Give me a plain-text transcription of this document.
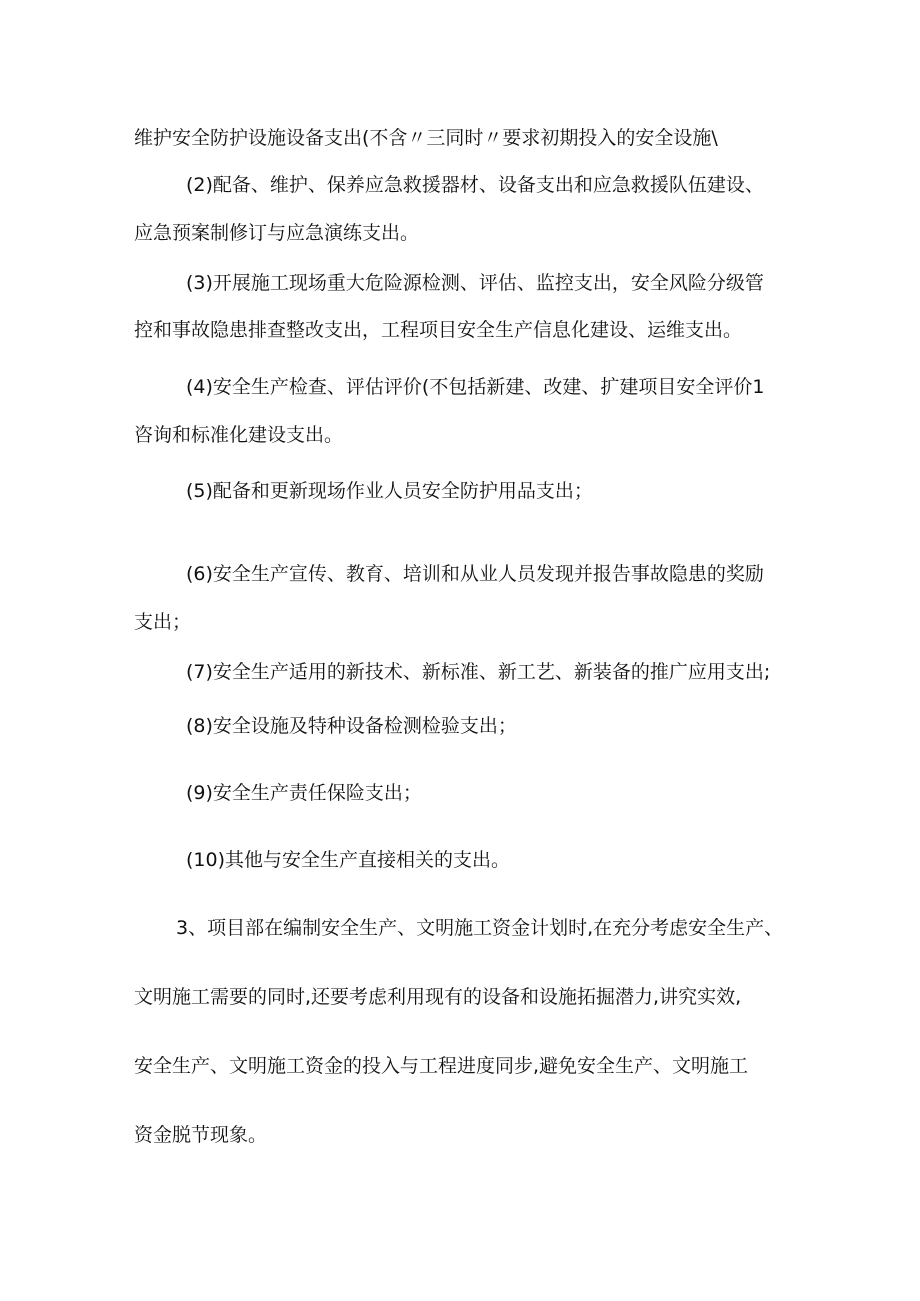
维护安全防护设施设备支出(不含〃三同时〃要求初期投入的安全设施\
(2)配备、维护、保养应急救援器材、设备支出和应急救援队伍建设、
应急预案制修订与应急演练支出。
(3)开展施工现场重大危险源检测、评估、监控支出，安全风险分级管
控和事故隐患排查整改支出，工程项目安全生产信息化建设、运维支出。
(4)安全生产检查、评估评价(不包括新建、改建、扩建项目安全评价1
咨询和标准化建设支出。
(5)配备和更新现场作业人员安全防护用品支出；
(6)安全生产宣传、教育、培训和从业人员发现并报告事故隐患的奖励
支出；
(7)安全生产适用的新技术、新标准、新工艺、新装备的推广应用支出;
(8)安全设施及特种设备检测检验支出；
(9)安全生产责任保险支出；
(10)其他与安全生产直接相关的支出。
3、项目部在编制安全生产、文明施工资金计划时,在充分考虑安全生产、
文明施工需要的同时,还要考虑利用现有的设备和设施拓掘潜力,讲究实效,
安全生产、文明施工资金的投入与工程进度同步,避免安全生产、文明施工
资金脱节现象。
